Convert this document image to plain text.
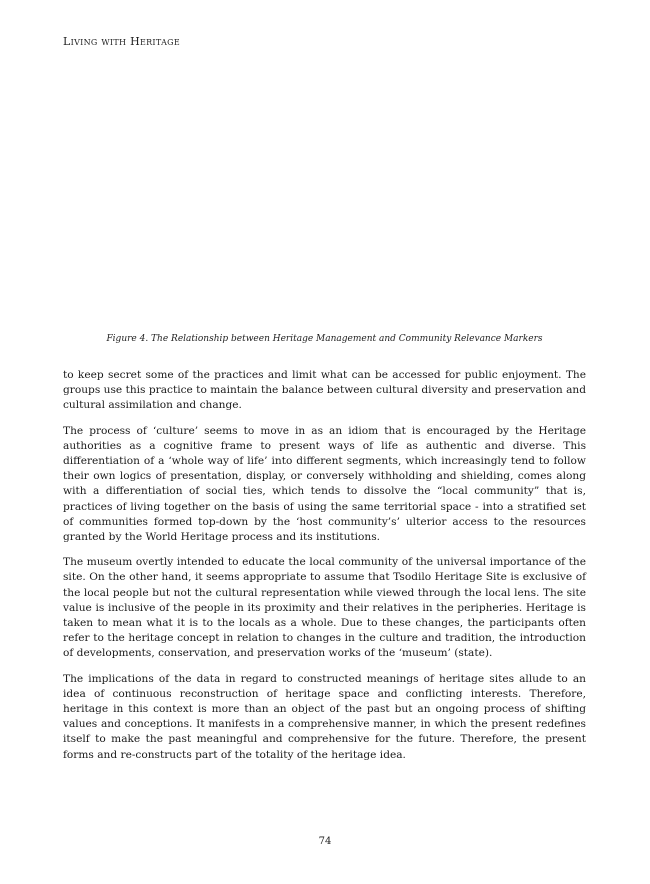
Living with Heritage
Figure 4. The Relationship between Heritage Management and Community Relevance Markers

to keep secret some of the practices and limit what can be accessed for public enjoyment. The groups use this practice to maintain the balance between cultural diversity and preservation and cultural assimilation and change.

The process of ‘culture’ seems to move in as an idiom that is encouraged by the Heritage authorities as a cognitive frame to present ways of life as authentic and diverse. This differentiation of a ‘whole way of life’ into different segments, which increasingly tend to follow their own logics of presentation, display, or conversely withholding and shielding, comes along with a differentiation of social ties, which tends to dissolve the “local community” that is, practices of living together on the basis of using the same territorial space - into a stratified set of communities formed top-down by the ‘host community’s’ ulterior access to the resources granted by the World Heritage process and its institutions.

The museum overtly intended to educate the local community of the universal importance of the site. On the other hand, it seems appropriate to assume that Tsodilo Heritage Site is exclusive of the local people but not the cultural representation while viewed through the local lens. The site value is inclusive of the people in its proximity and their relatives in the peripheries. Heritage is taken to mean what it is to the locals as a whole. Due to these changes, the participants often refer to the heritage concept in relation to changes in the culture and tradition, the introduction of developments, conservation, and preservation works of the ‘museum’ (state).

The implications of the data in regard to constructed meanings of heritage sites allude to an idea of continuous reconstruction of heritage space and conflicting interests. Therefore, heritage in this context is more than an object of the past but an ongoing process of shifting values and conceptions. It manifests in a comprehensive manner, in which the present redefines itself to make the past meaningful and comprehensive for the future. Therefore, the present forms and re-constructs part of the totality of the heritage idea.

74
